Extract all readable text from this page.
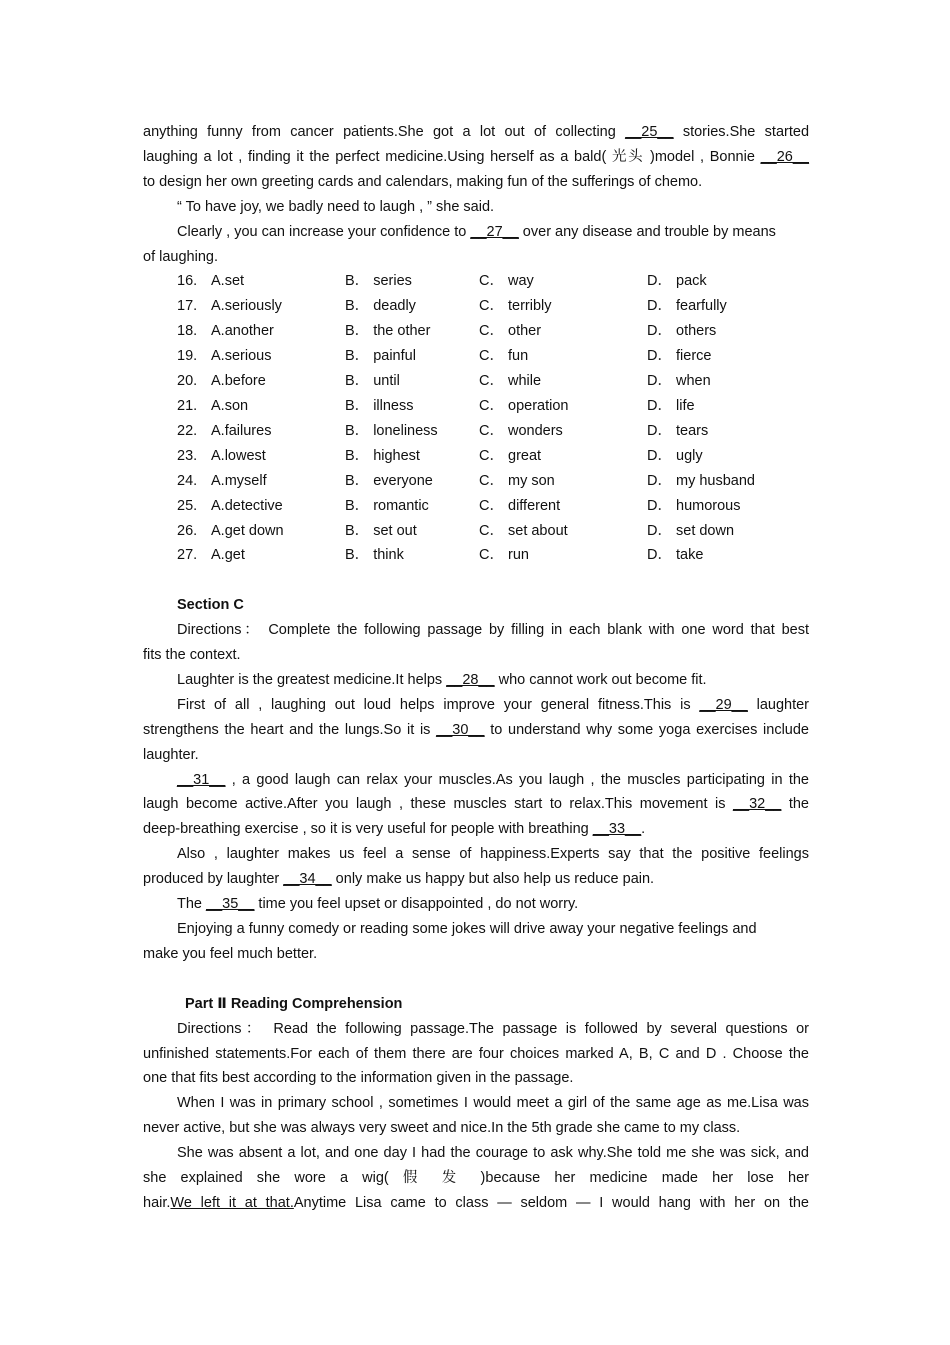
anything funny from cancer patients.She got a lot out of collecting __25__ stories.She started

laughing a lot , finding it the perfect medicine.Using herself as a bald( 光头 )model , Bonnie __26__

to design her own greeting cards and calendars, making fun of the sufferings of chemo.

“ To have joy, we badly need to laugh , ” she said.

Clearly , you can increase your confidence to __27__ over any disease and trouble by means

of laughing.

16. A.set	B． series	C． way	D． pack
17. A.seriously	B． deadly	C． terribly	D． fearfully
18. A.another	B． the other	C． other	D． others
19. A.serious	B． painful	C． fun	D． fierce
20. A.before	B． until	C． while	D． when
21. A.son	B． illness	C． operation	D． life
22. A.failures	B． loneliness	C． wonders	D． tears
23. A.lowest	B． highest	C． great	D． ugly
24. A.myself	B． everyone	C． my son	D． my husband
25. A.detective	B． romantic	C． different	D． humorous
26. A.get down	B． set out	C． set about	D． set down
27. A.get	B． think	C． run	D． take

Section C

Directions： Complete the following passage by filling in each blank with one word that best

fits the context.

Laughter is the greatest medicine.It helps __28__ who cannot work out become fit.

First of all , laughing out loud helps improve your general fitness.This is __29__ laughter

strengthens the heart and the lungs.So it is __30__ to understand why some yoga exercises include

laughter.

__31__ , a good laugh can relax your muscles.As you laugh , the muscles participating in the

laugh become active.After you laugh , these muscles start to relax.This movement is __32__ the

deep-breathing exercise , so it is very useful for people with breathing __33__.

Also , laughter makes us feel a sense of happiness.Experts say that the positive feelings

produced by laughter __34__ only make us happy but also help us reduce pain.

The __35__ time you feel upset or disappointed , do not worry.

Enjoying a funny comedy or reading some jokes will drive away your negative feelings and

make you feel much better.

Part Ⅱ Reading Comprehension

Directions： Read the following passage.The passage is followed by several questions or

unfinished statements.For each of them there are four choices marked A, B, C and D . Choose the

one that fits best according to the information given in the passage.

When I was in primary school , sometimes I would meet a girl of the same age as me.Lisa was

never active, but she was always very sweet and nice.In the 5th grade she came to my class.

She was absent a lot, and one day I had the courage to ask why.She told me she was sick, and

she explained she wore a wig( 假 发 )because her medicine made her lose her

hair.We left it at that.Anytime Lisa came to class — seldom — I would hang with her on the
